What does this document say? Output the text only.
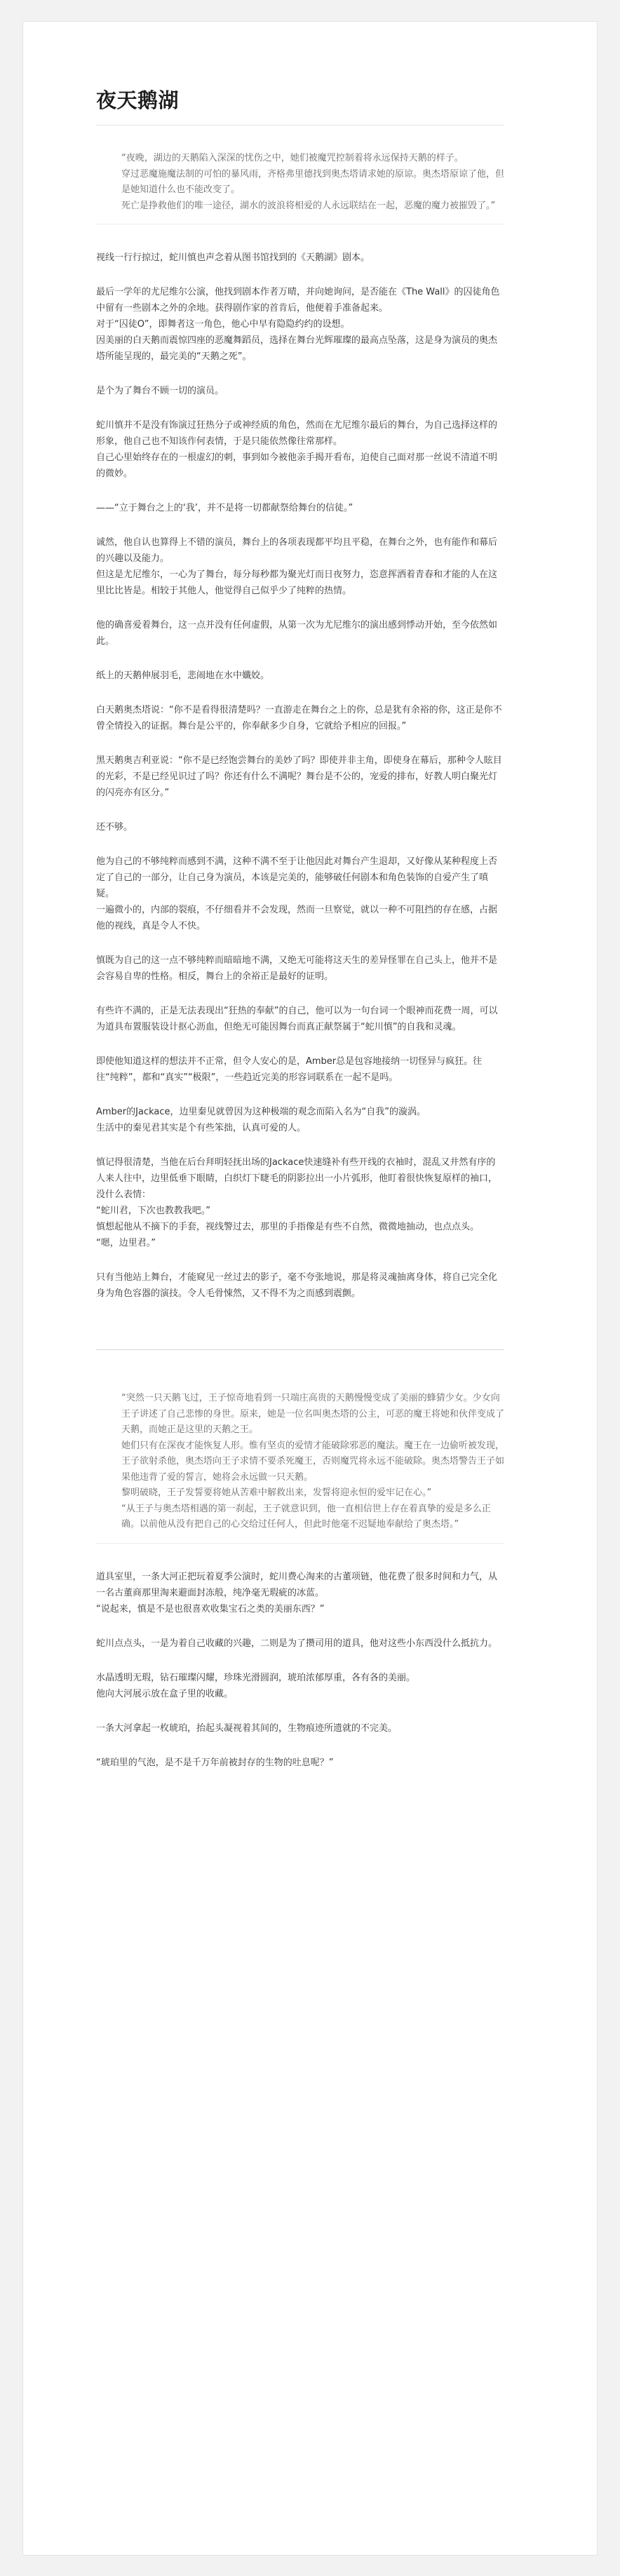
夜天鹅湖

“夜晚，湖边的天鹅陷入深深的忧伤之中，她们被魔咒控制着将永远保持天鹅的样子。

穿过恶魔施魔法制的可怕的暴风雨，齐格弗里德找到奥杰塔请求她的原谅。奥杰塔原谅了他，但是她知道什么也不能改变了。

死亡是挣救他们的唯一途径，湖水的波浪将相爱的人永远联结在一起，恶魔的魔力被摧毁了。”

视线一行行掠过，蛇川慎也声念着从图书馆找到的《天鹅湖》剧本。

最后一学年的尤尼维尔公演，他找到剧本作者万晴，并向她询问，是否能在《The Wall》的囚徒角色中留有一些剧本之外的余地。获得剧作家的首肯后，他便着手准备起来。
对于“囚徒O”，即舞者这一角色，他心中早有隐隐约约的设想。
因美丽的白天鹅而震惊四座的恶魔舞蹈员，选择在舞台光辉璀璨的最高点坠落，这是身为演员的奥杰塔所能呈现的，最完美的“天鹅之死”。

是个为了舞台不顾一切的演员。

蛇川慎并不是没有饰演过狂热分子或神经质的角色，然而在尤尼维尔最后的舞台，为自己选择这样的形象，他自己也不知该作何表情，于是只能依然像往常那样。
自己心里始终存在的一根虚幻的刺，事到如今被他亲手揭开看布，迫使自己面对那一丝说不清道不明的微妙。

——“立于舞台之上的‘我’，并不是将一切都献祭给舞台的信徒。”

诚然，他自认也算得上不错的演员，舞台上的各项表现都平均且平稳，在舞台之外，也有能作和幕后的兴趣以及能力。
但这是尤尼维尔，一心为了舞台，每分每秒都为聚光灯而日夜努力，恣意挥洒着青春和才能的人在这里比比皆是。相较于其他人，他觉得自己似乎少了纯粹的热情。

他的确喜爱着舞台，这一点并没有任何虚假，从第一次为尤尼维尔的演出感到悸动开始，至今依然如此。

纸上的天鹅伸展羽毛，悲闹地在水中孅姣。

白天鹅奥杰塔说：“你不是看得很清楚吗？一直游走在舞台之上的你，总是犹有余裕的你，这正是你不曾全情投入的证据。舞台是公平的，你奉献多少自身，它就给予相应的回报。”

黑天鹅奥吉利亚说：“你不是已经饱尝舞台的美妙了吗？即使并非主角，即使身在幕后，那种令人眩目的光彩，不是已经见识过了吗？你还有什么不满呢？舞台是不公的，宠爱的排布，好教人明白聚光灯的闪亮亦有区分。”

还不够。

他为自己的不够纯粹而感到不满，这种不满不至于让他因此对舞台产生退却，又好像从某种程度上否定了自己的一部分，让自己身为演员，本该是完美的，能够破任何剧本和角色装饰的自爱产生了嗔疑。
一遍微小的，内部的裂痕，不仔细看并不会发现，然而一旦察觉，就以一种不可阻挡的存在感，占据他的视线，真是令人不快。

慎既为自己的这一点不够纯粹而暗暗地不满，又绝无可能将这天生的差异怪罪在自己头上，他并不是会容易自卑的性格。相反，舞台上的余裕正是最好的证明。

有些许不满的，正是无法表现出“狂热的奉献”的自己，他可以为一句台词一个眼神而花费一周，可以为道具布置服装设计抠心沥血，但绝无可能因舞台而真正献祭属于“蛇川慎”的自我和灵魂。

即使他知道这样的想法并不正常，但令人安心的是，Amber总是包容地接纳一切怪异与疯狂。往往“纯粹”，都和“真实”“极限”，一些趋近完美的形容词联系在一起不是吗。

Amber的Jackace，边里秦见就曾因为这种极端的观念而陷入名为“自我”的漩涡。
生活中的秦见君其实是个有些笨拙，认真可爱的人。

慎记得很清楚，当他在后台拜明轻抚出场的Jackace快速缝补有些开线的衣袖时，混乱又井然有序的人来人往中，边里低垂下眼睛，白织灯下睫毛的阴影拉出一小片弧形，他盯着很快恢复原样的袖口，没什么表情：
“蛇川君，下次也教教我吧。”
慎想起他从不摘下的手套，视线警过去，那里的手指像是有些不自然，微微地抽动，也点点头。
“嗯，边里君。”

只有当他站上舞台，才能窥见一丝过去的影子，毫不夸张地说，那是将灵魂抽离身体，将自己完全化身为角色容器的演技。令人毛骨悚然，又不得不为之而感到震颤。

“突然一只天鹅飞过，王子惊奇地看到一只端庄高贵的天鹅慢慢变成了美丽的蜂猜少女。少女向王子讲述了自己悲惨的身世。原来，她是一位名叫奥杰塔的公主，可恶的魔王将她和伙伴变成了天鹅，而她正是这里的天鹅之王。

她们只有在深夜才能恢复人形。惟有坚贞的爱情才能破除邪恶的魔法。魔王在一边偷听被发现，王子欲射杀他，奥杰塔向王子求情不要杀死魔王，否则魔咒将永远不能破除。奥杰塔警告王子如果他违背了爱的誓言，她将会永远做一只天鹅。

黎明破晓，王子发誓要将她从苦难中解救出来，发誓将迎永恒的爱牢记在心。”

“从王子与奥杰塔相遇的第一刹起，王子就意识到，他一直相信世上存在着真挚的爱是多么正确。以前他从没有把自己的心交给过任何人，但此时他毫不迟疑地奉献给了奥杰塔。”

道具室里，一条大河正把玩着夏季公演时，蛇川费心淘来的古董项链，他花费了很多时间和力气，从一名古董商那里淘来避面封冻般，纯净毫无瑕疵的冰蓝。
“说起来，慎是不是也很喜欢收集宝石之类的美丽东西？”

蛇川点点头，一是为着自己收藏的兴趣，二则是为了攒司用的道具，他对这些小东西没什么抵抗力。

水晶透明无瑕，钻石璀璨闪耀，珍珠光滑圆润，琥珀浓郁厚重，各有各的美丽。
他向大河展示放在盒子里的收藏。

一条大河拿起一枚琥珀，抬起头凝视着其间的，生物痕迹所遗就的不完美。

“琥珀里的气泡，是不是千万年前被封存的生物的吐息呢？”
